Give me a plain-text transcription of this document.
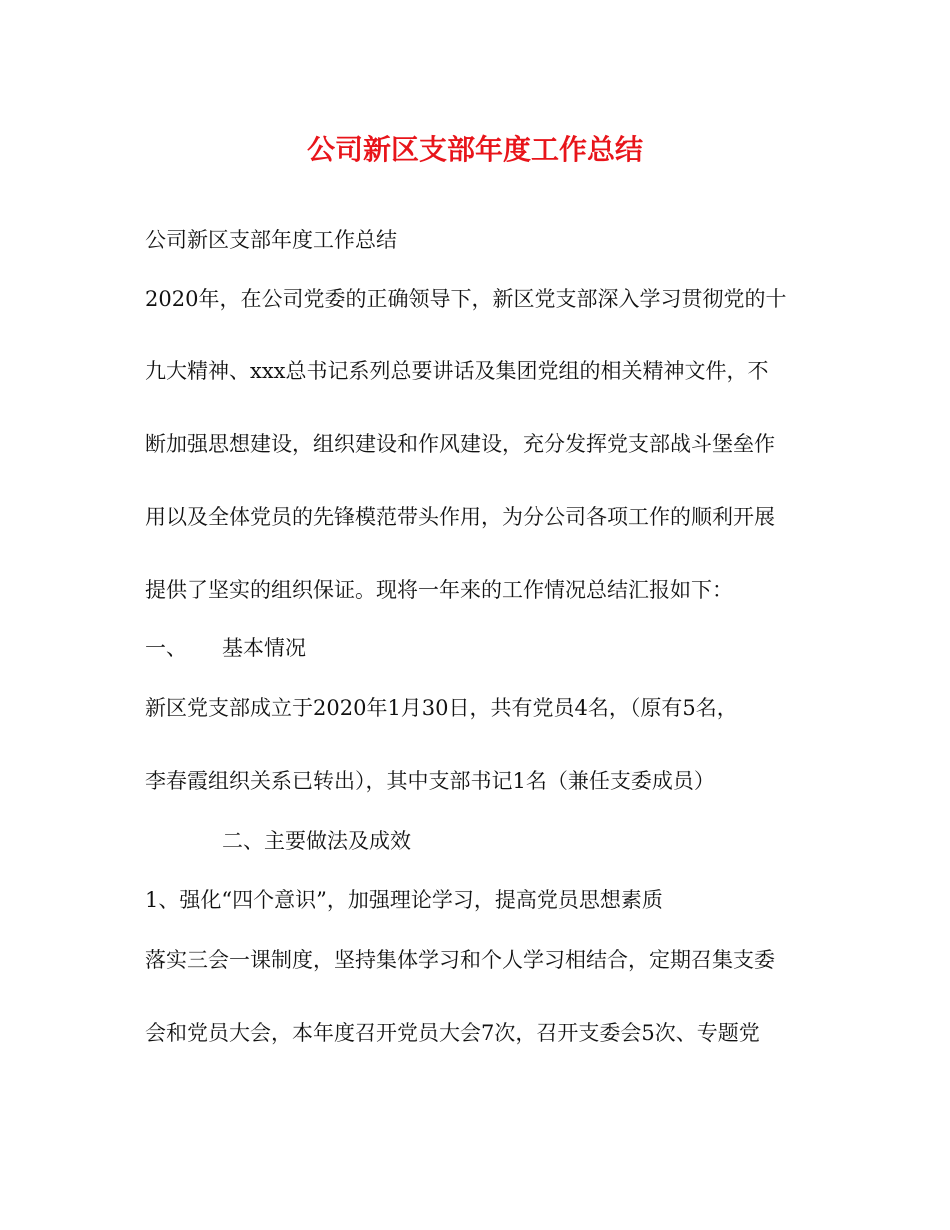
公司新区支部年度工作总结
公司新区支部年度工作总结
2020年，在公司党委的正确领导下，新区党支部深入学习贯彻党的十
九大精神、xxx总书记系列总要讲话及集团党组的相关精神文件，不
断加强思想建设，组织建设和作风建设，充分发挥党支部战斗堡垒作
用以及全体党员的先锋模范带头作用，为分公司各项工作的顺利开展
提供了坚实的组织保证。现将一年来的工作情况总结汇报如下：
一、 基本情况
新区党支部成立于2020年1月30日，共有党员4名，（原有5名，
李春霞组织关系已转出），其中支部书记1名（兼任支委成员）
二、主要做法及成效
1、强化“四个意识”，加强理论学习，提高党员思想素质
落实三会一课制度，坚持集体学习和个人学习相结合，定期召集支委
会和党员大会，本年度召开党员大会7次，召开支委会5次、专题党
